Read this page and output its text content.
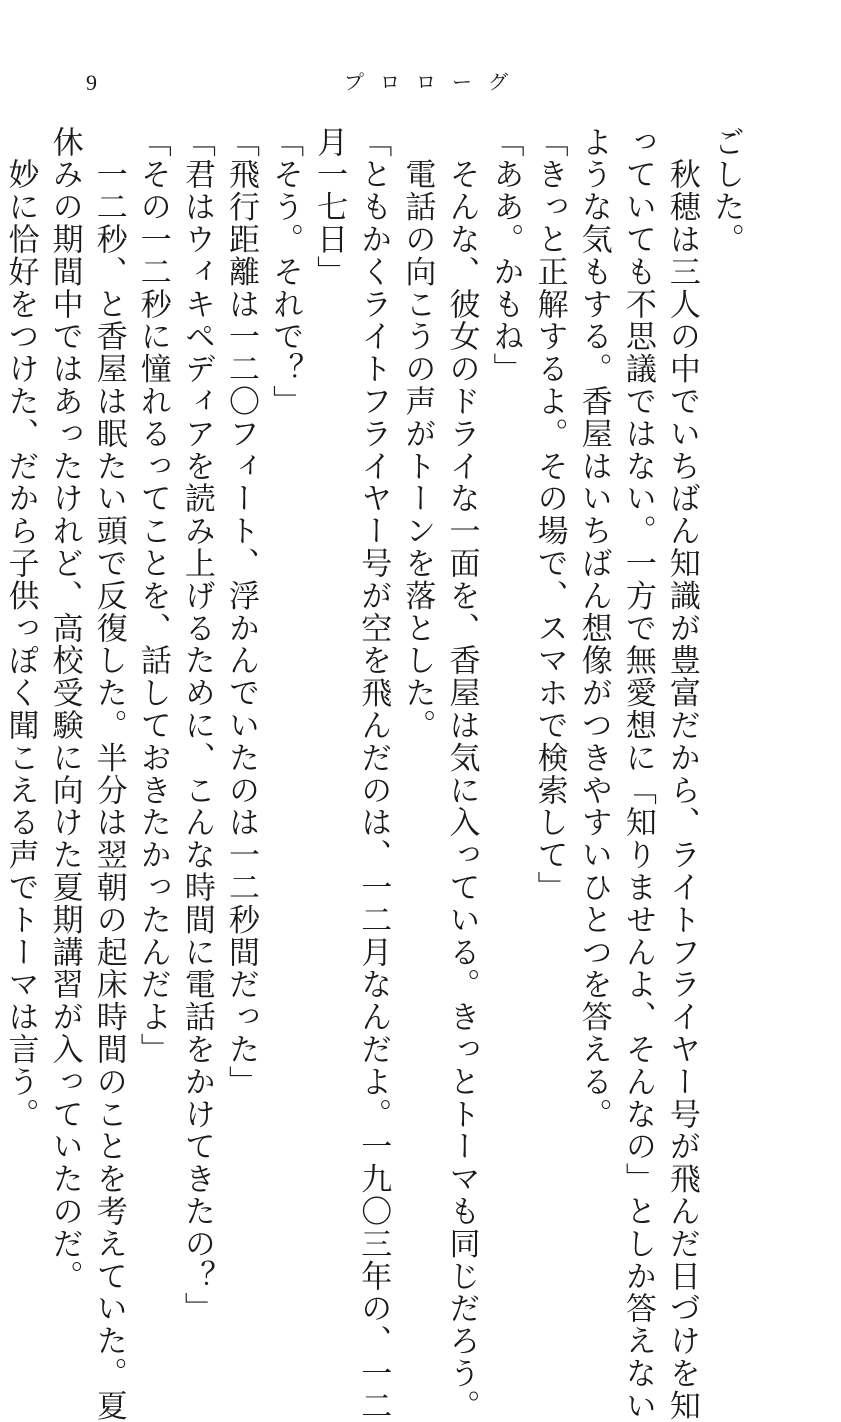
9	プロローグ
ごした。
　秋穂は三人の中でいちばん知識が豊富だから、ライトフライヤー号が飛んだ日づけを知
っていても不思議ではない。一方で無愛想に「知りませんよ、そんなの」としか答えない
ような気もする。香屋はいちばん想像がつきやすいひとつを答える。
「きっと正解するよ。その場で、スマホで検索して」
「ああ。かもね」
　そんな、彼女のドライな一面を、香屋は気に入っている。きっとトーマも同じだろう。
　電話の向こうの声がトーンを落とした。
「ともかくライトフライヤー号が空を飛んだのは、一二月なんだよ。一九〇三年の、一二
月一七日」
「そう。それで？」
「飛行距離は一二〇フィート、浮かんでいたのは一二秒間だった」
「君はウィキペディアを読み上げるために、こんな時間に電話をかけてきたの？」
「その一二秒に憧れるってことを、話しておきたかったんだよ」
　一二秒、と香屋は眠たい頭で反復した。半分は翌朝の起床時間のことを考えていた。夏
休みの期間中ではあったけれど、高校受験に向けた夏期講習が入っていたのだ。
　妙に恰好をつけた、だから子供っぽく聞こえる声でトーマは言う。
